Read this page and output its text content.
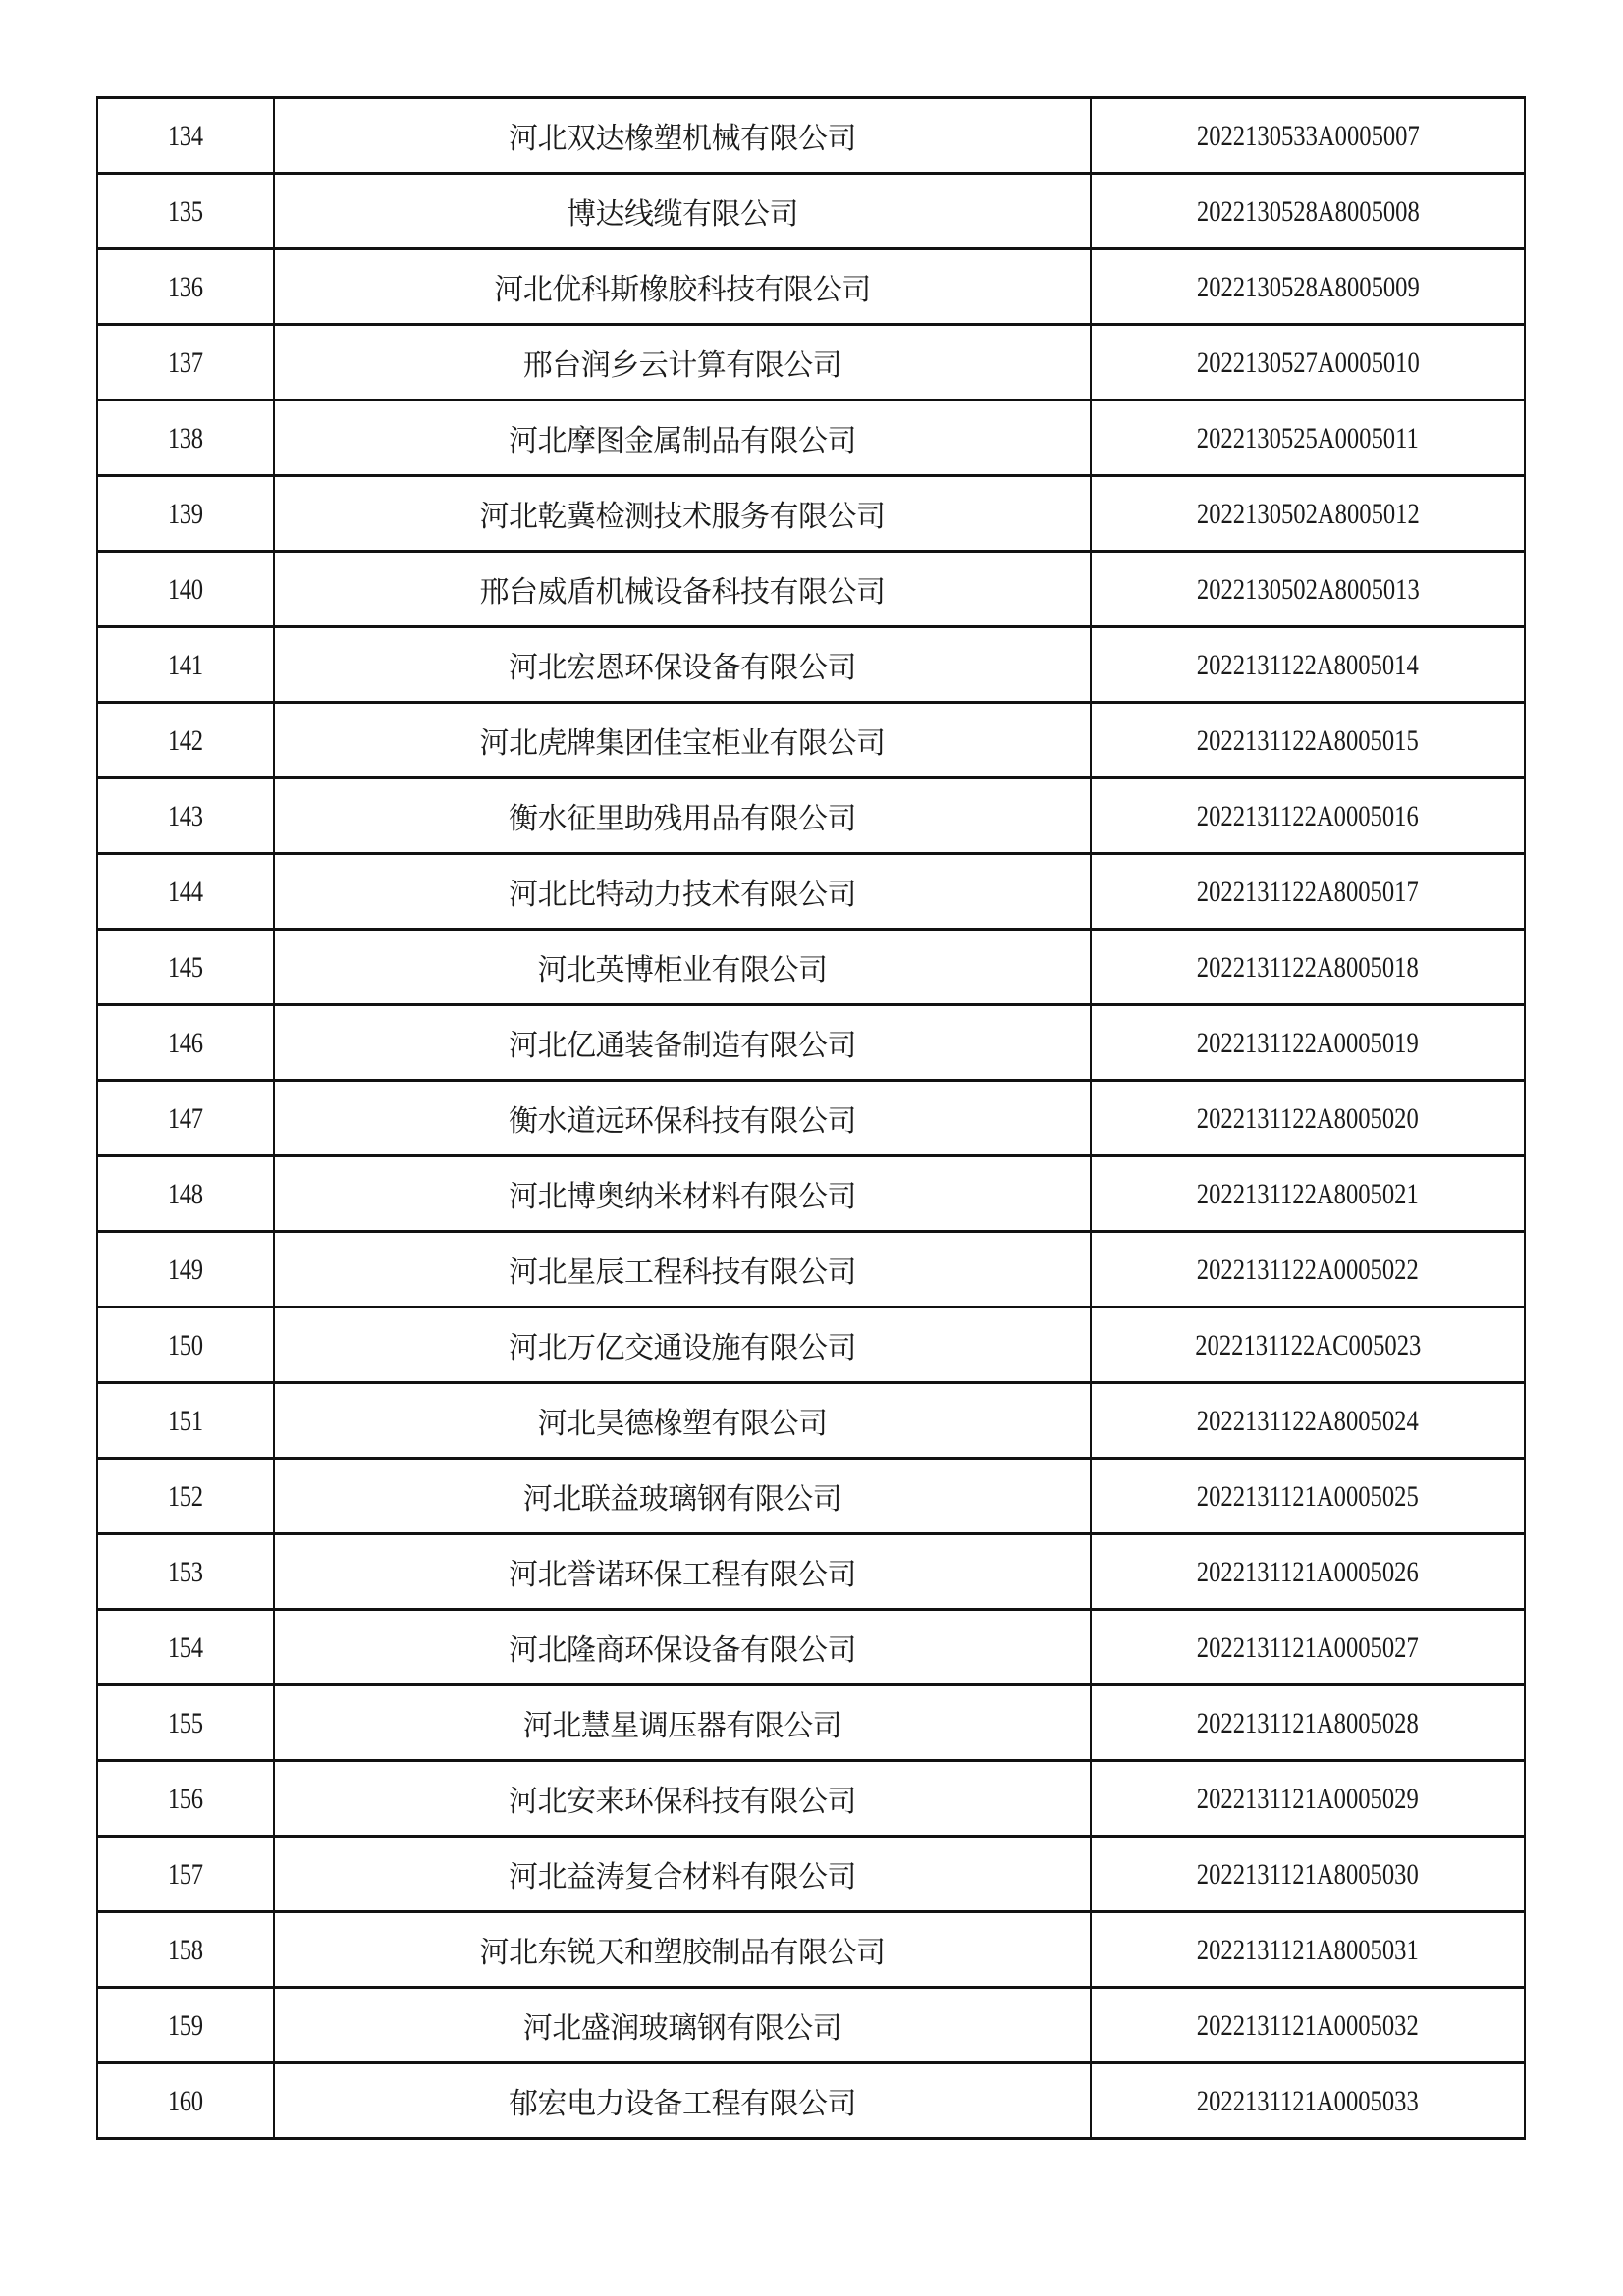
134	河北双达橡塑机械有限公司	2022130533A0005007
135	博达线缆有限公司	2022130528A8005008
136	河北优科斯橡胶科技有限公司	2022130528A8005009
137	邢台润乡云计算有限公司	2022130527A0005010
138	河北摩图金属制品有限公司	2022130525A0005011
139	河北乾冀检测技术服务有限公司	2022130502A8005012
140	邢台威盾机械设备科技有限公司	2022130502A8005013
141	河北宏恩环保设备有限公司	2022131122A8005014
142	河北虎牌集团佳宝柜业有限公司	2022131122A8005015
143	衡水征里助残用品有限公司	2022131122A0005016
144	河北比特动力技术有限公司	2022131122A8005017
145	河北英博柜业有限公司	2022131122A8005018
146	河北亿通装备制造有限公司	2022131122A0005019
147	衡水道远环保科技有限公司	2022131122A8005020
148	河北博奥纳米材料有限公司	2022131122A8005021
149	河北星辰工程科技有限公司	2022131122A0005022
150	河北万亿交通设施有限公司	2022131122AC005023
151	河北昊德橡塑有限公司	2022131122A8005024
152	河北联益玻璃钢有限公司	2022131121A0005025
153	河北誉诺环保工程有限公司	2022131121A0005026
154	河北隆商环保设备有限公司	2022131121A0005027
155	河北慧星调压器有限公司	2022131121A8005028
156	河北安来环保科技有限公司	2022131121A0005029
157	河北益涛复合材料有限公司	2022131121A8005030
158	河北东锐天和塑胶制品有限公司	2022131121A8005031
159	河北盛润玻璃钢有限公司	2022131121A0005032
160	郁宏电力设备工程有限公司	2022131121A0005033
